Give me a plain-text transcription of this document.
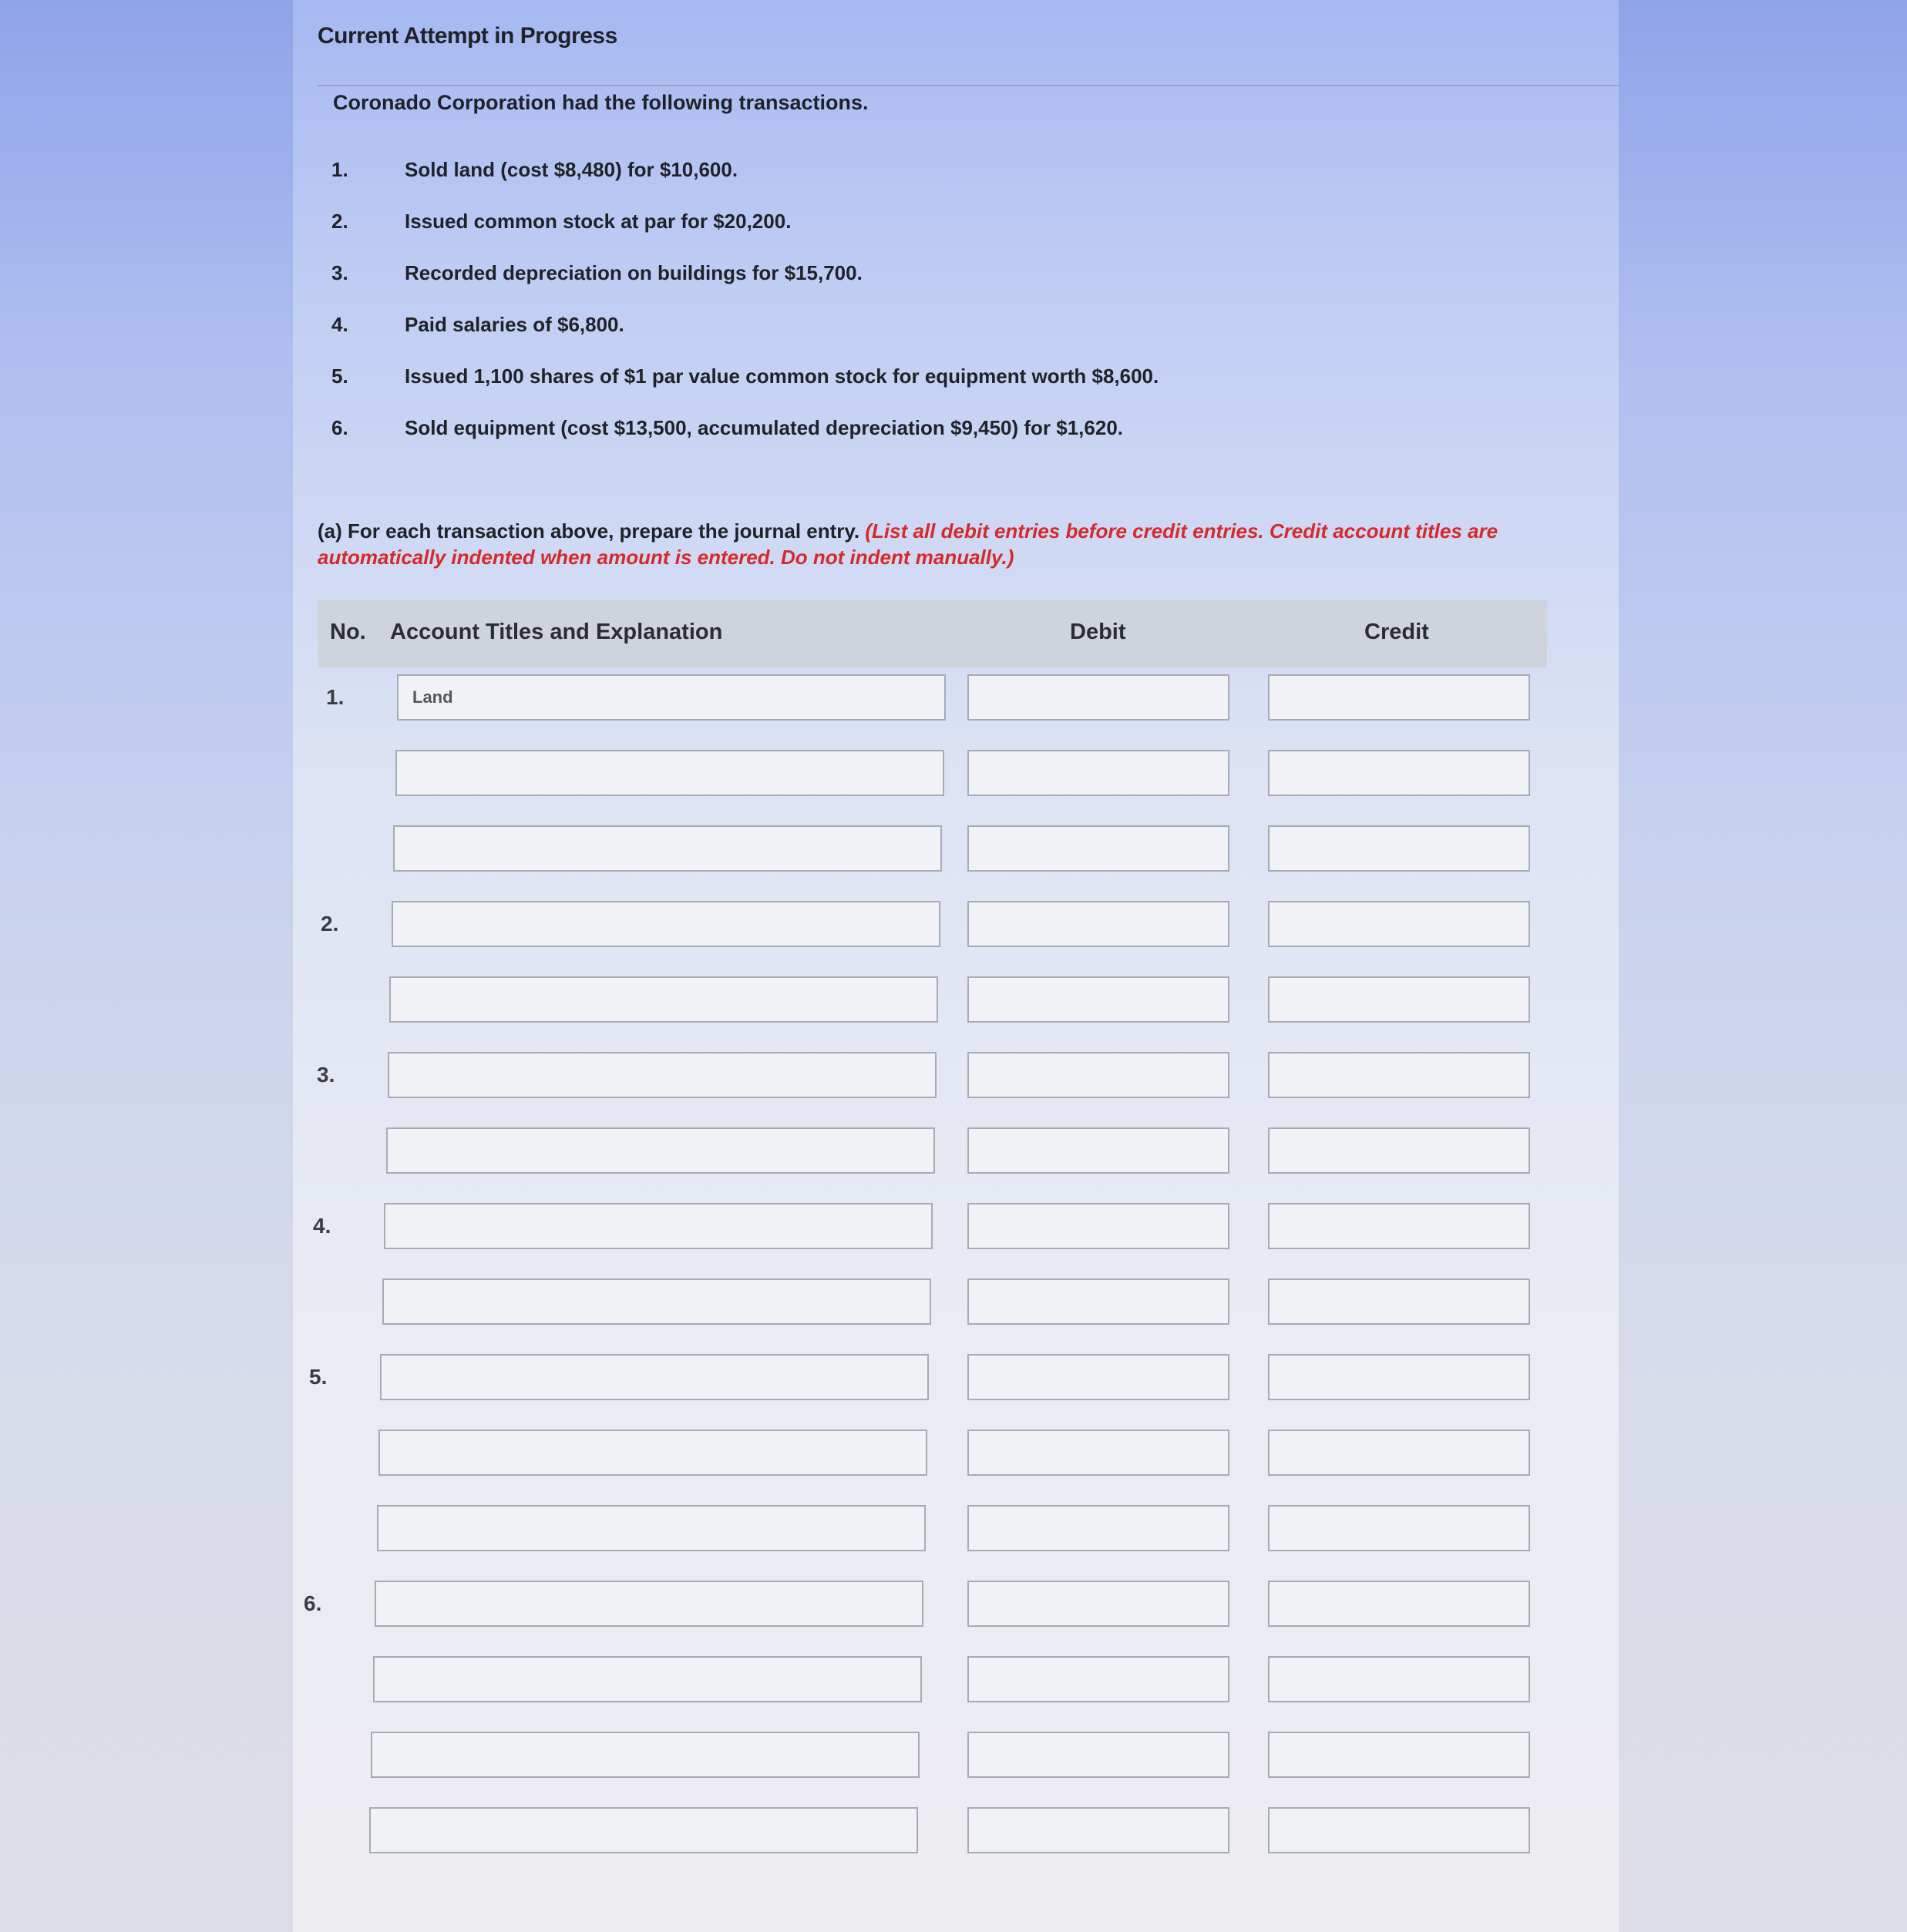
Current Attempt in Progress
Coronado Corporation had the following transactions.
1.	Sold land (cost $8,480) for $10,600.
2.	Issued common stock at par for $20,200.
3.	Recorded depreciation on buildings for $15,700.
4.	Paid salaries of $6,800.
5.	Issued 1,100 shares of $1 par value common stock for equipment worth $8,600.
6.	Sold equipment (cost $13,500, accumulated depreciation $9,450) for $1,620.
(a) For each transaction above, prepare the journal entry. (List all debit entries before credit entries. Credit account titles are automatically indented when amount is entered. Do not indent manually.)
No. Account Titles and Explanation	Debit	Credit
1.	Land
2.
3.
4.
5.
6.
